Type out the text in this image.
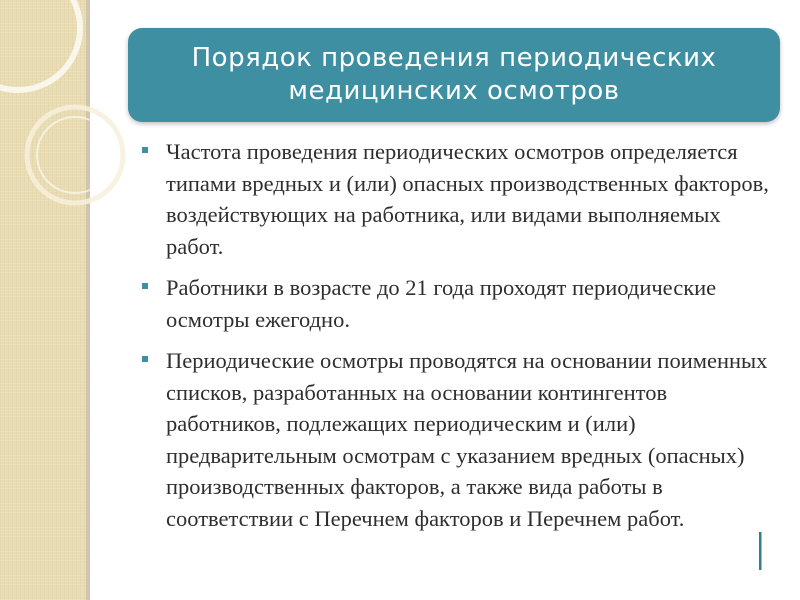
Порядок проведения периодических медицинских осмотров
Частота проведения периодических осмотров определяется типами вредных и (или) опасных производственных факторов, воздействующих на работника, или видами выполняемых работ.
Работники в возрасте до 21 года проходят периодические осмотры ежегодно.
Периодические осмотры проводятся на основании поименных списков, разработанных на основании контингентов работников, подлежащих периодическим и (или) предварительным осмотрам с указанием вредных (опасных) производственных факторов, а также вида работы в соответствии с Перечнем факторов и Перечнем работ.
